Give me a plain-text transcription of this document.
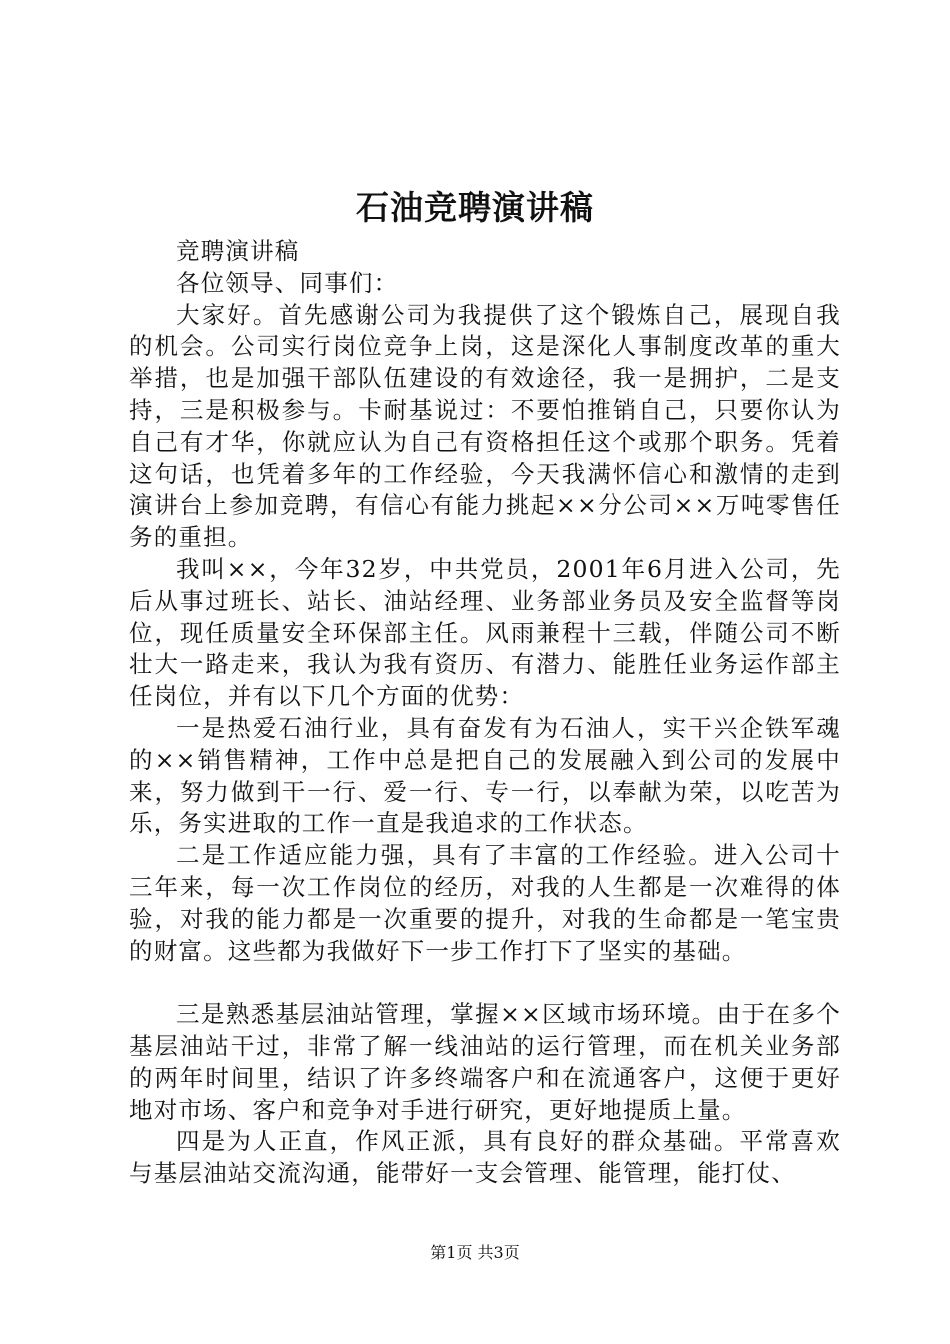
石油竞聘演讲稿

竞聘演讲稿

各位领导、同事们：

大家好。首先感谢公司为我提供了这个锻炼自己，展现自我的机会。公司实行岗位竞争上岗，这是深化人事制度改革的重大举措，也是加强干部队伍建设的有效途径，我一是拥护，二是支持，三是积极参与。卡耐基说过：不要怕推销自己，只要你认为自己有才华，你就应认为自己有资格担任这个或那个职务。凭着这句话，也凭着多年的工作经验，今天我满怀信心和激情的走到演讲台上参加竞聘，有信心有能力挑起××分公司××万吨零售任务的重担。

我叫××，今年32岁，中共党员，2001年6月进入公司，先后从事过班长、站长、油站经理、业务部业务员及安全监督等岗位，现任质量安全环保部主任。风雨兼程十三载，伴随公司不断壮大一路走来，我认为我有资历、有潜力、能胜任业务运作部主任岗位，并有以下几个方面的优势：

一是热爱石油行业，具有奋发有为石油人，实干兴企铁军魂的××销售精神，工作中总是把自己的发展融入到公司的发展中来，努力做到干一行、爱一行、专一行，以奉献为荣，以吃苦为乐，务实进取的工作一直是我追求的工作状态。

二是工作适应能力强，具有了丰富的工作经验。进入公司十三年来，每一次工作岗位的经历，对我的人生都是一次难得的体验，对我的能力都是一次重要的提升，对我的生命都是一笔宝贵的财富。这些都为我做好下一步工作打下了坚实的基础。

三是熟悉基层油站管理，掌握××区域市场环境。由于在多个基层油站干过，非常了解一线油站的运行管理，而在机关业务部的两年时间里，结识了许多终端客户和在流通客户，这便于更好地对市场、客户和竞争对手进行研究，更好地提质上量。

四是为人正直，作风正派，具有良好的群众基础。平常喜欢与基层油站交流沟通，能带好一支会管理、能管理，能打仗、

第1页 共3页
